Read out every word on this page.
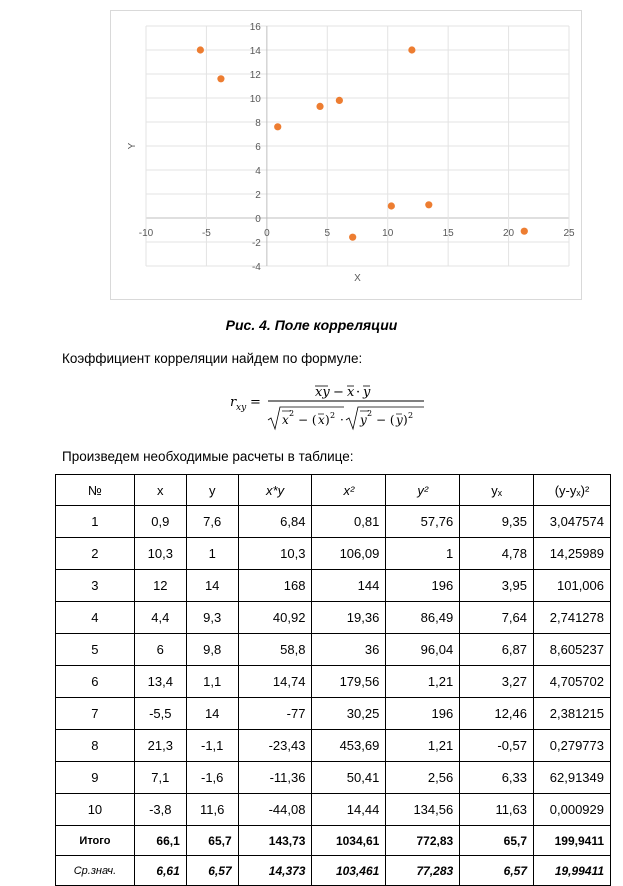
-4
-2
0
2
4
6
8
10
12
14
16
-10	-5	0	5	10	15	20	25
X
Y
Рис. 4. Поле корреляции
Коэффициент корреляции найдем по формуле:
r xy =
xy − x · y
x 2 − ( x ) 2 · y 2 − ( y ) 2
Произведем необходимые расчеты в таблице:
№	x	y	x*y	x²	y²	yₓ	(y-yₓ)²
1	0,9	7,6	6,84	0,81	57,76	9,35	3,047574
2	10,3	1	10,3	106,09	1	4,78	14,25989
3	12	14	168	144	196	3,95	101,006
4	4,4	9,3	40,92	19,36	86,49	7,64	2,741278
5	6	9,8	58,8	36	96,04	6,87	8,605237
6	13,4	1,1	14,74	179,56	1,21	3,27	4,705702
7	-5,5	14	-77	30,25	196	12,46	2,381215
8	21,3	-1,1	-23,43	453,69	1,21	-0,57	0,279773
9	7,1	-1,6	-11,36	50,41	2,56	6,33	62,91349
10	-3,8	11,6	-44,08	14,44	134,56	11,63	0,000929
Итого	66,1	65,7	143,73	1034,61	772,83	65,7	199,9411
Ср.знач.	6,61	6,57	14,373	103,461	77,283	6,57	19,99411
